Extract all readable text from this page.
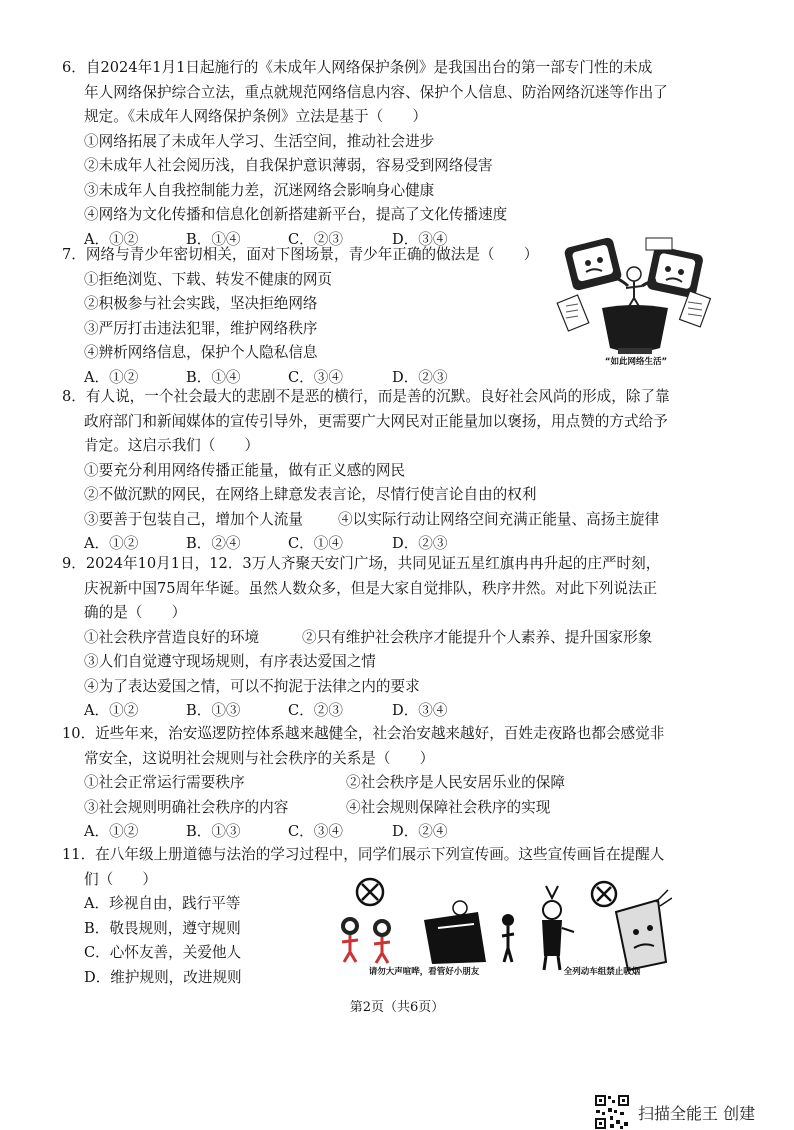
6．自2024年1月1日起施行的《未成年人网络保护条例》是我国出台的第一部专门性的未成
年人网络保护综合立法，重点就规范网络信息内容、保护个人信息、防治网络沉迷等作出了
规定。《未成年人网络保护条例》立法是基于（　　）
①网络拓展了未成年人学习、生活空间，推动社会进步
②未成年人社会阅历浅，自我保护意识薄弱，容易受到网络侵害
③未成年人自我控制能力差，沉迷网络会影响身心健康
④网络为文化传播和信息化创新搭建新平台，提高了文化传播速度
A．①②	B．①④	C．②③	D．③④
7．网络与青少年密切相关，面对下图场景，青少年正确的做法是（　　）
①拒绝浏览、下载、转发不健康的网页
②积极参与社会实践，坚决拒绝网络
③严厉打击违法犯罪，维护网络秩序
④辨析网络信息，保护个人隐私信息
A．①②	B．①④	C．③④	D．②③
“如此网络生活”
8．有人说，一个社会最大的悲剧不是恶的横行，而是善的沉默。良好社会风尚的形成，除了靠
政府部门和新闻媒体的宣传引导外，更需要广大网民对正能量加以褒扬，用点赞的方式给予
肯定。这启示我们（　　）
①要充分利用网络传播正能量，做有正义感的网民
②不做沉默的网民，在网络上肆意发表言论，尽情行使言论自由的权利
③要善于包装自己，增加个人流量	④以实际行动让网络空间充满正能量、高扬主旋律
A．①②	B．②④	C．①④	D．②③
9．2024年10月1日，12．3万人齐聚天安门广场，共同见证五星红旗冉冉升起的庄严时刻，
庆祝新中国75周年华诞。虽然人数众多，但是大家自觉排队，秩序井然。对此下列说法正
确的是（　　）
①社会秩序营造良好的环境	②只有维护社会秩序才能提升个人素养、提升国家形象
③人们自觉遵守现场规则，有序表达爱国之情
④为了表达爱国之情，可以不拘泥于法律之内的要求
A．①②	B．①③	C．②③	D．③④
10．近些年来，治安巡逻防控体系越来越健全，社会治安越来越好，百姓走夜路也都会感觉非
常安全，这说明社会规则与社会秩序的关系是（　　）
①社会正常运行需要秩序	②社会秩序是人民安居乐业的保障
③社会规则明确社会秩序的内容	④社会规则保障社会秩序的实现
A．①②	B．①③	C．③④	D．②④
11．在八年级上册道德与法治的学习过程中，同学们展示下列宣传画。这些宣传画旨在提醒人
们（　　）
A．珍视自由，践行平等
B．敬畏规则，遵守规则
C．心怀友善，关爱他人
D．维护规则，改进规则	请勿大声喧哗，看管好小朋友	全列动车组禁止吸烟
第2页（共6页）
扫描全能王 创建
